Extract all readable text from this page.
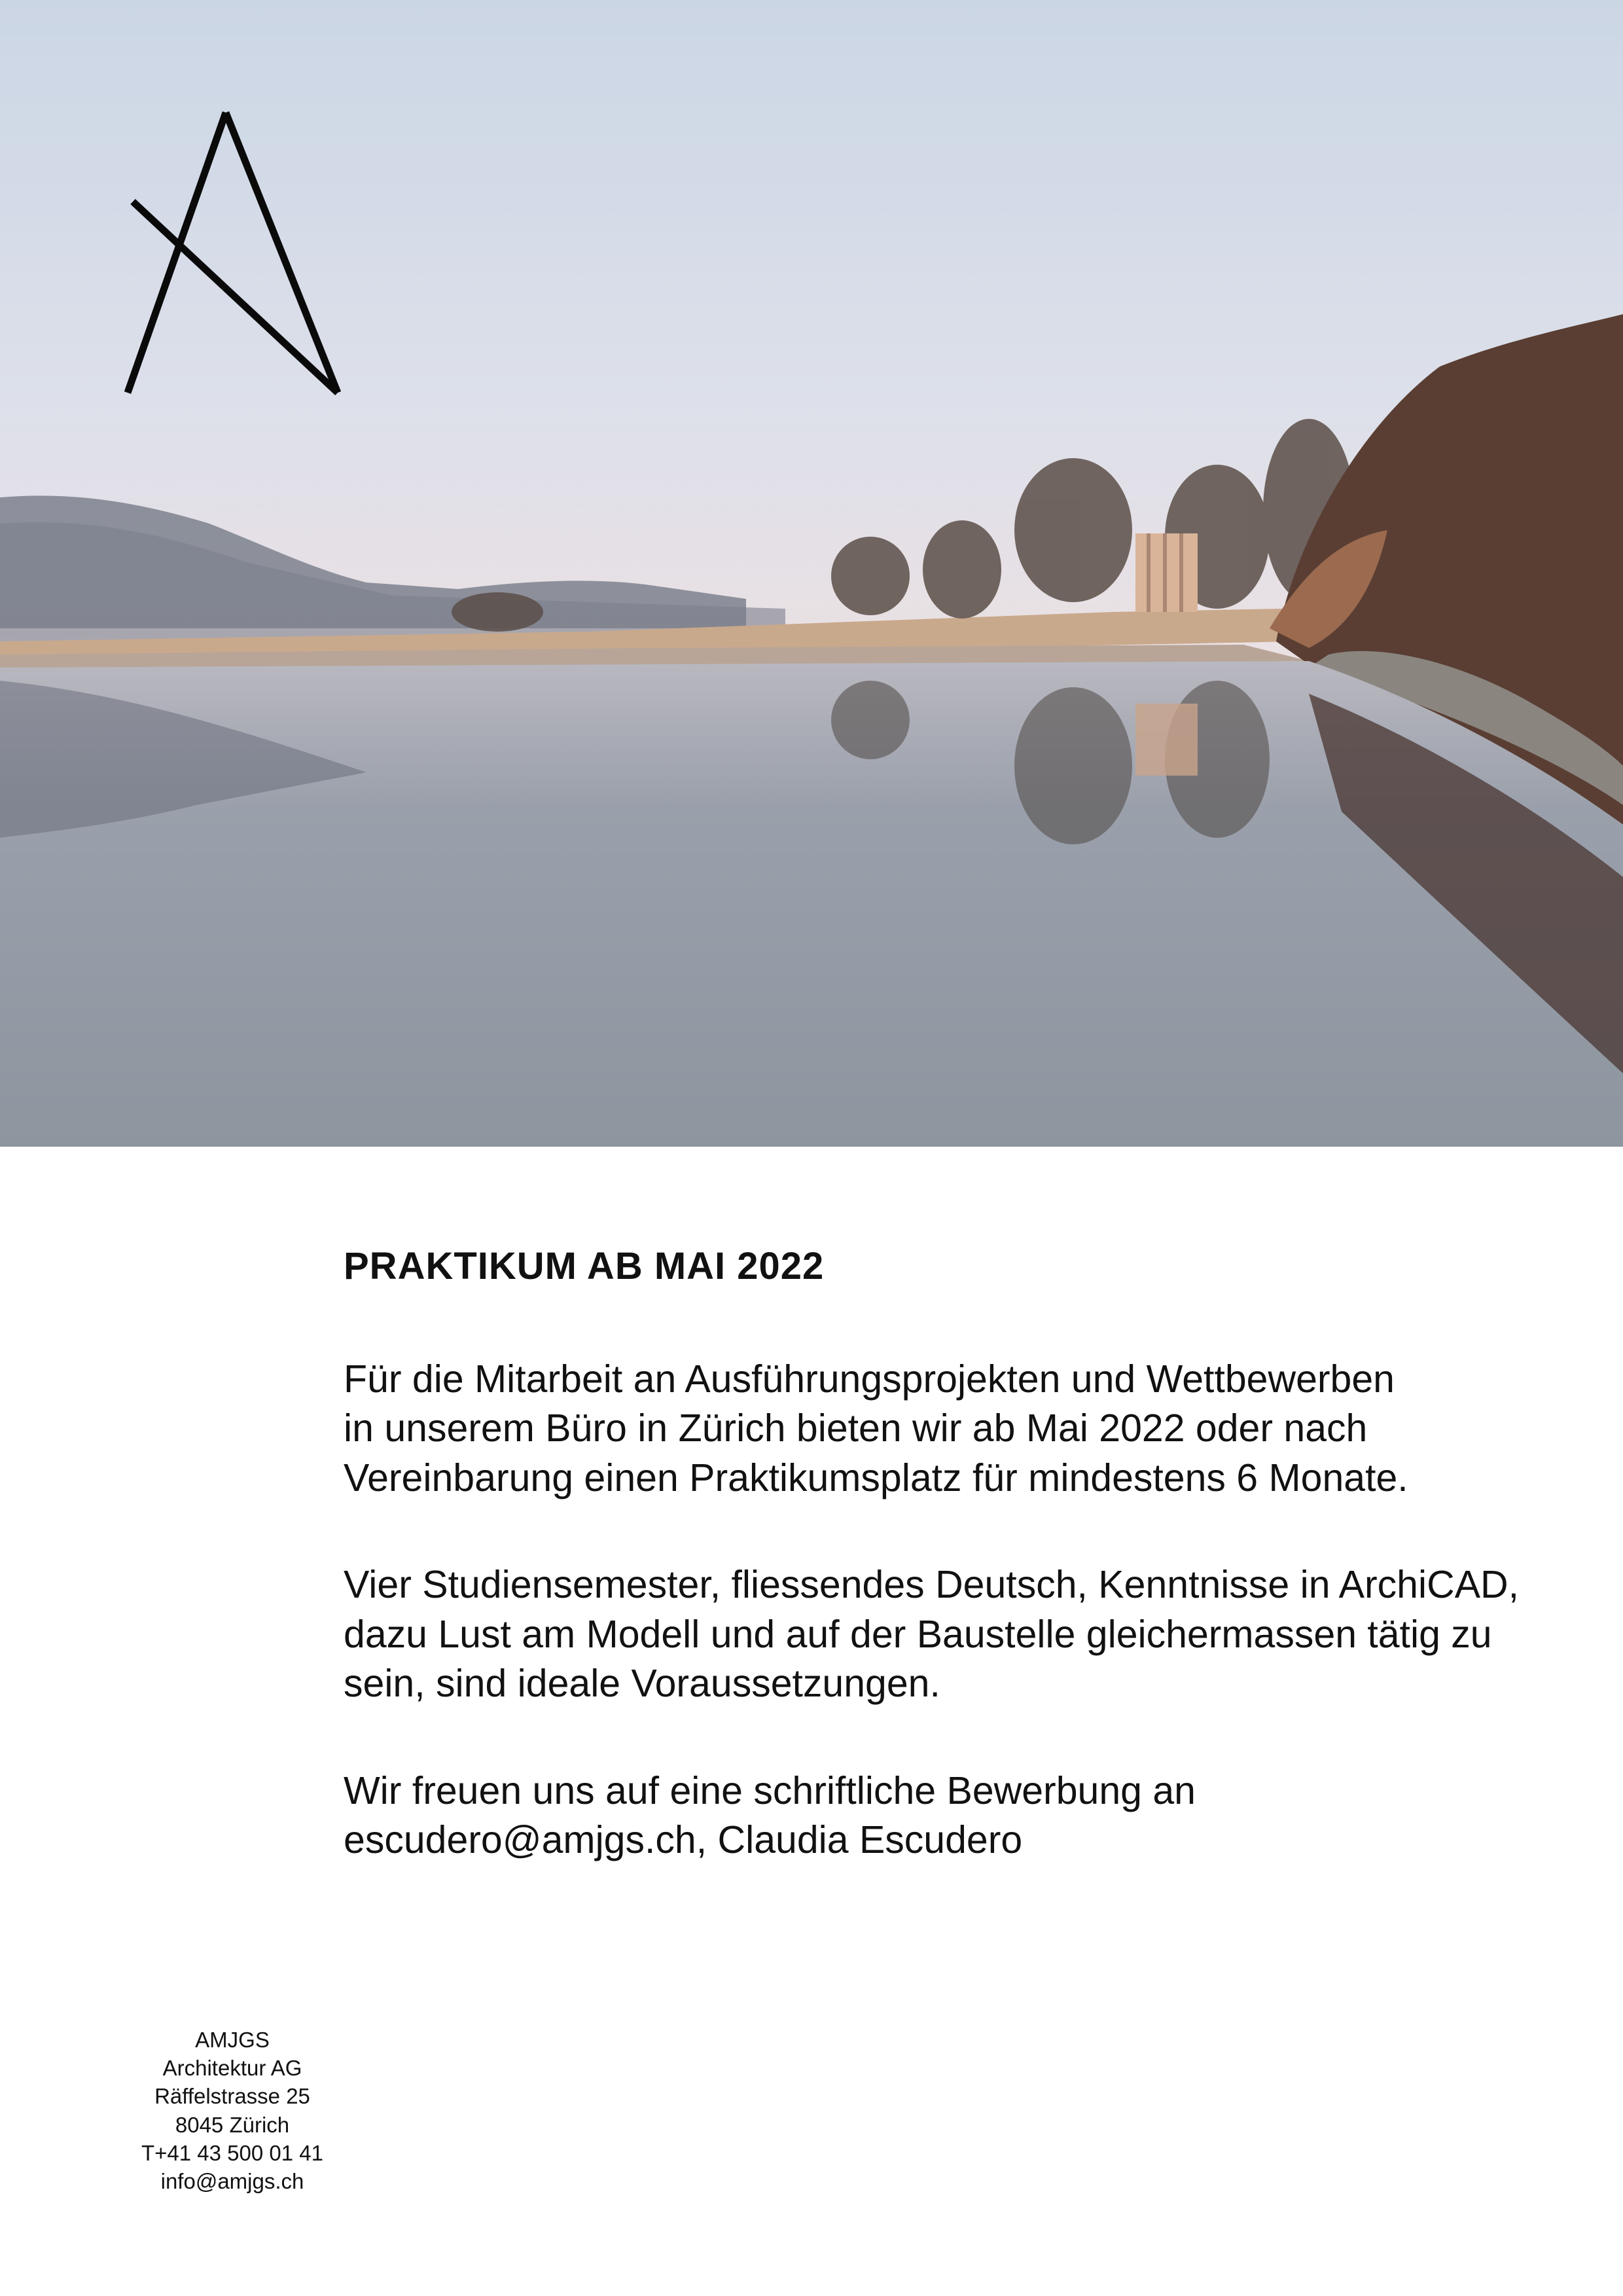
PRAKTIKUM AB MAI 2022

Für die Mitarbeit an Ausführungsprojekten und Wettbewerben
in unserem Büro in Zürich bieten wir ab Mai 2022 oder nach
Vereinbarung einen Praktikumsplatz für mindestens 6 Monate.

Vier Studiensemester, fliessendes Deutsch, Kenntnisse in ArchiCAD,
dazu Lust am Modell und auf der Baustelle gleichermassen tätig zu
sein, sind ideale Voraussetzungen.

Wir freuen uns auf eine schriftliche Bewerbung an
escudero@amjgs.ch, Claudia Escudero

AMJGS
Architektur AG
Räffelstrasse 25
8045 Zürich
T+41 43 500 01 41
info@amjgs.ch
